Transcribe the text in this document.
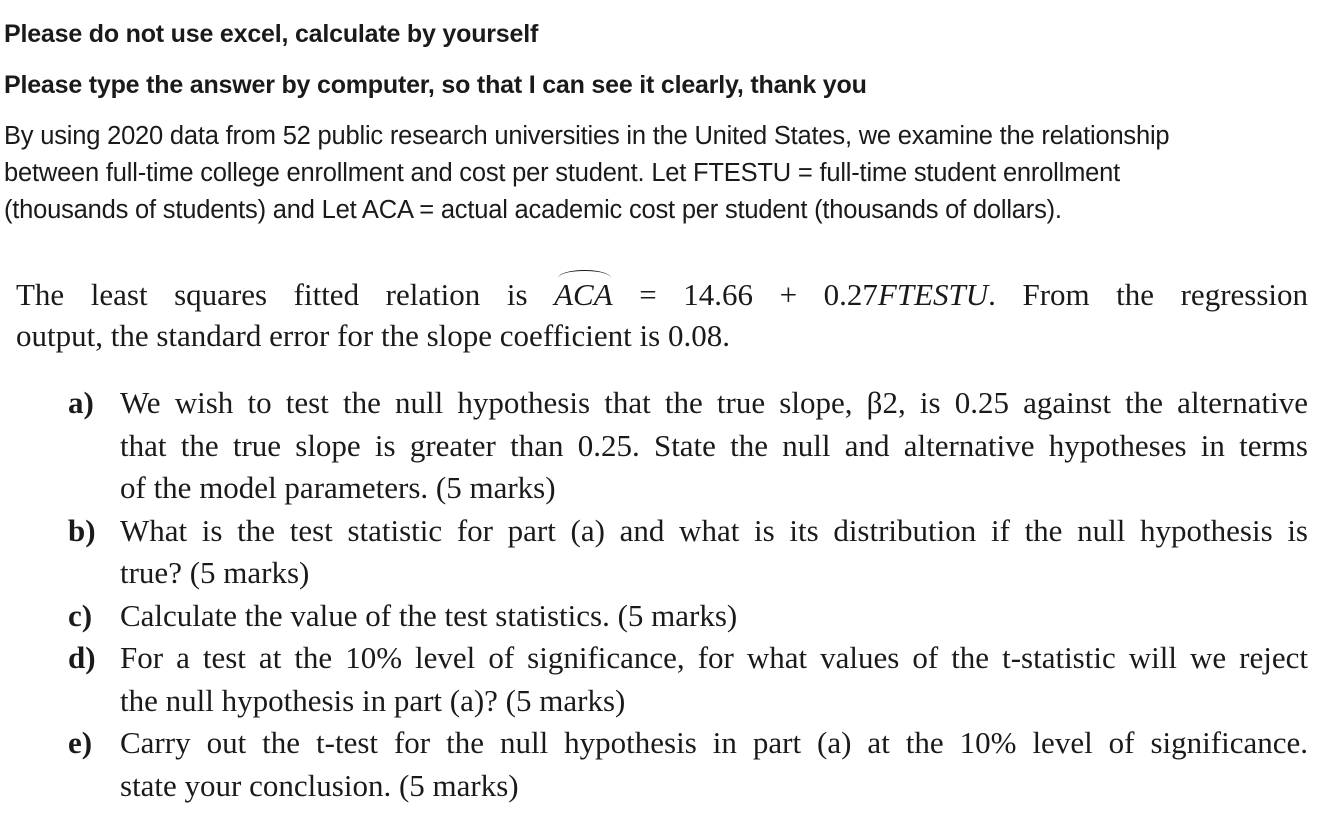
Please do not use excel, calculate by yourself
Please type the answer by computer, so that I can see it clearly, thank you
By using 2020 data from 52 public research universities in the United States, we examine the relationship
between full-time college enrollment and cost per student. Let FTESTU = full-time student enrollment
(thousands of students) and Let ACA = actual academic cost per student (thousands of dollars).
The least squares fitted relation is ACA = 14.66 + 0.27FTESTU. From the regression
output, the standard error for the slope coefficient is 0.08.
a) We wish to test the null hypothesis that the true slope, β2, is 0.25 against the alternative
that the true slope is greater than 0.25. State the null and alternative hypotheses in terms
of the model parameters. (5 marks)
b) What is the test statistic for part (a) and what is its distribution if the null hypothesis is
true? (5 marks)
c) Calculate the value of the test statistics. (5 marks)
d) For a test at the 10% level of significance, for what values of the t-statistic will we reject
the null hypothesis in part (a)? (5 marks)
e) Carry out the t-test for the null hypothesis in part (a) at the 10% level of significance.
state your conclusion. (5 marks)
